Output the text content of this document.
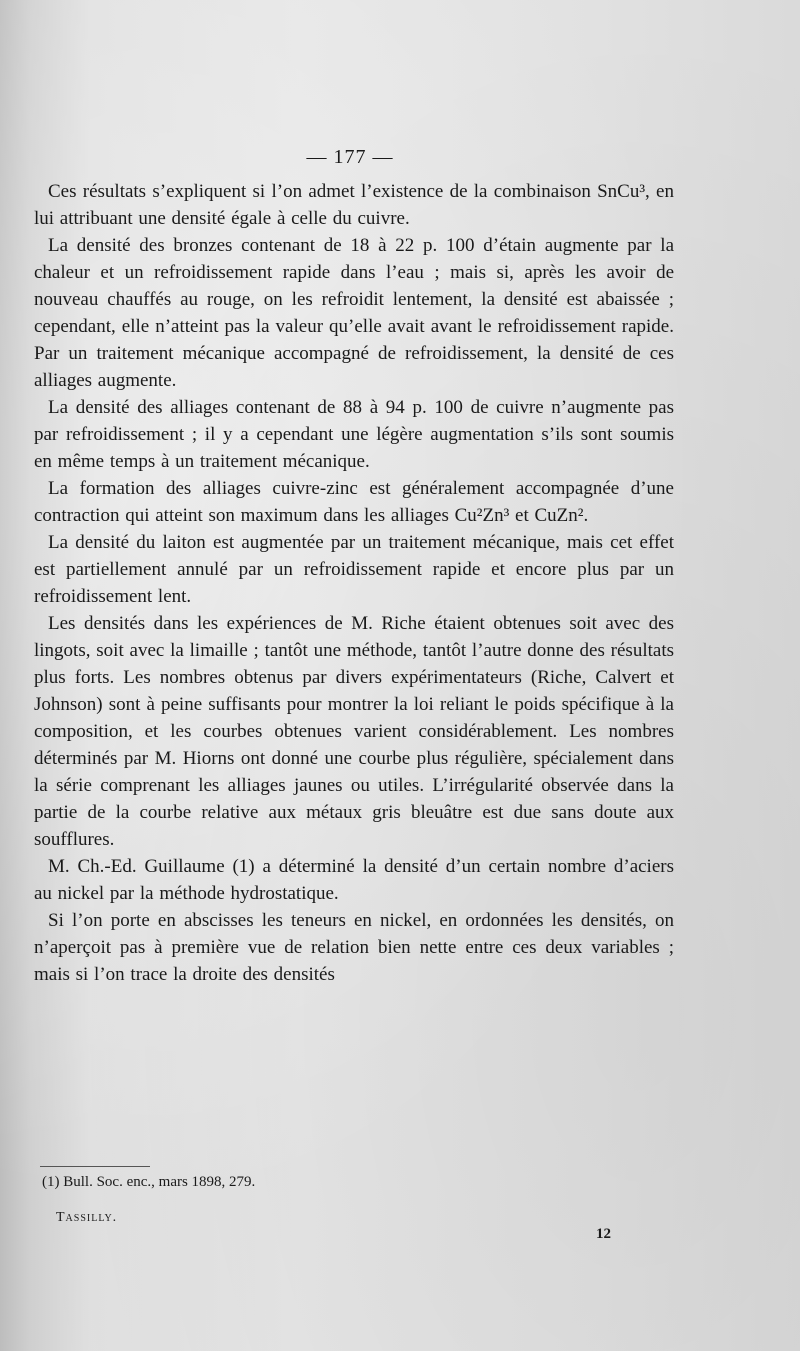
— 177 —

Ces résultats s’expliquent si l’on admet l’existence de la combinaison SnCu³, en lui attribuant une densité égale à celle du cuivre.

La densité des bronzes contenant de 18 à 22 p. 100 d’étain augmente par la chaleur et un refroidissement rapide dans l’eau ; mais si, après les avoir de nouveau chauffés au rouge, on les refroidit lentement, la densité est abaissée ; cependant, elle n’atteint pas la valeur qu’elle avait avant le refroidissement rapide. Par un traitement mécanique accompagné de refroidissement, la densité de ces alliages augmente.

La densité des alliages contenant de 88 à 94 p. 100 de cuivre n’augmente pas par refroidissement ; il y a cependant une légère augmentation s’ils sont soumis en même temps à un traitement mécanique.

La formation des alliages cuivre-zinc est généralement accompagnée d’une contraction qui atteint son maximum dans les alliages Cu²Zn³ et CuZn².

La densité du laiton est augmentée par un traitement mécanique, mais cet effet est partiellement annulé par un refroidissement rapide et encore plus par un refroidissement lent.

Les densités dans les expériences de M. Riche étaient obtenues soit avec des lingots, soit avec la limaille ; tantôt une méthode, tantôt l’autre donne des résultats plus forts. Les nombres obtenus par divers expérimentateurs (Riche, Calvert et Johnson) sont à peine suffisants pour montrer la loi reliant le poids spécifique à la composition, et les courbes obtenues varient considérablement. Les nombres déterminés par M. Hiorns ont donné une courbe plus régulière, spécialement dans la série comprenant les alliages jaunes ou utiles. L’irrégularité observée dans la partie de la courbe relative aux métaux gris bleuâtre est due sans doute aux soufflures.

M. Ch.-Ed. Guillaume (1) a déterminé la densité d’un certain nombre d’aciers au nickel par la méthode hydrostatique.

Si l’on porte en abscisses les teneurs en nickel, en ordonnées les densités, on n’aperçoit pas à première vue de relation bien nette entre ces deux variables ; mais si l’on trace la droite des densités

(1) Bull. Soc. enc., mars 1898, 279.
Tassilly.
12
